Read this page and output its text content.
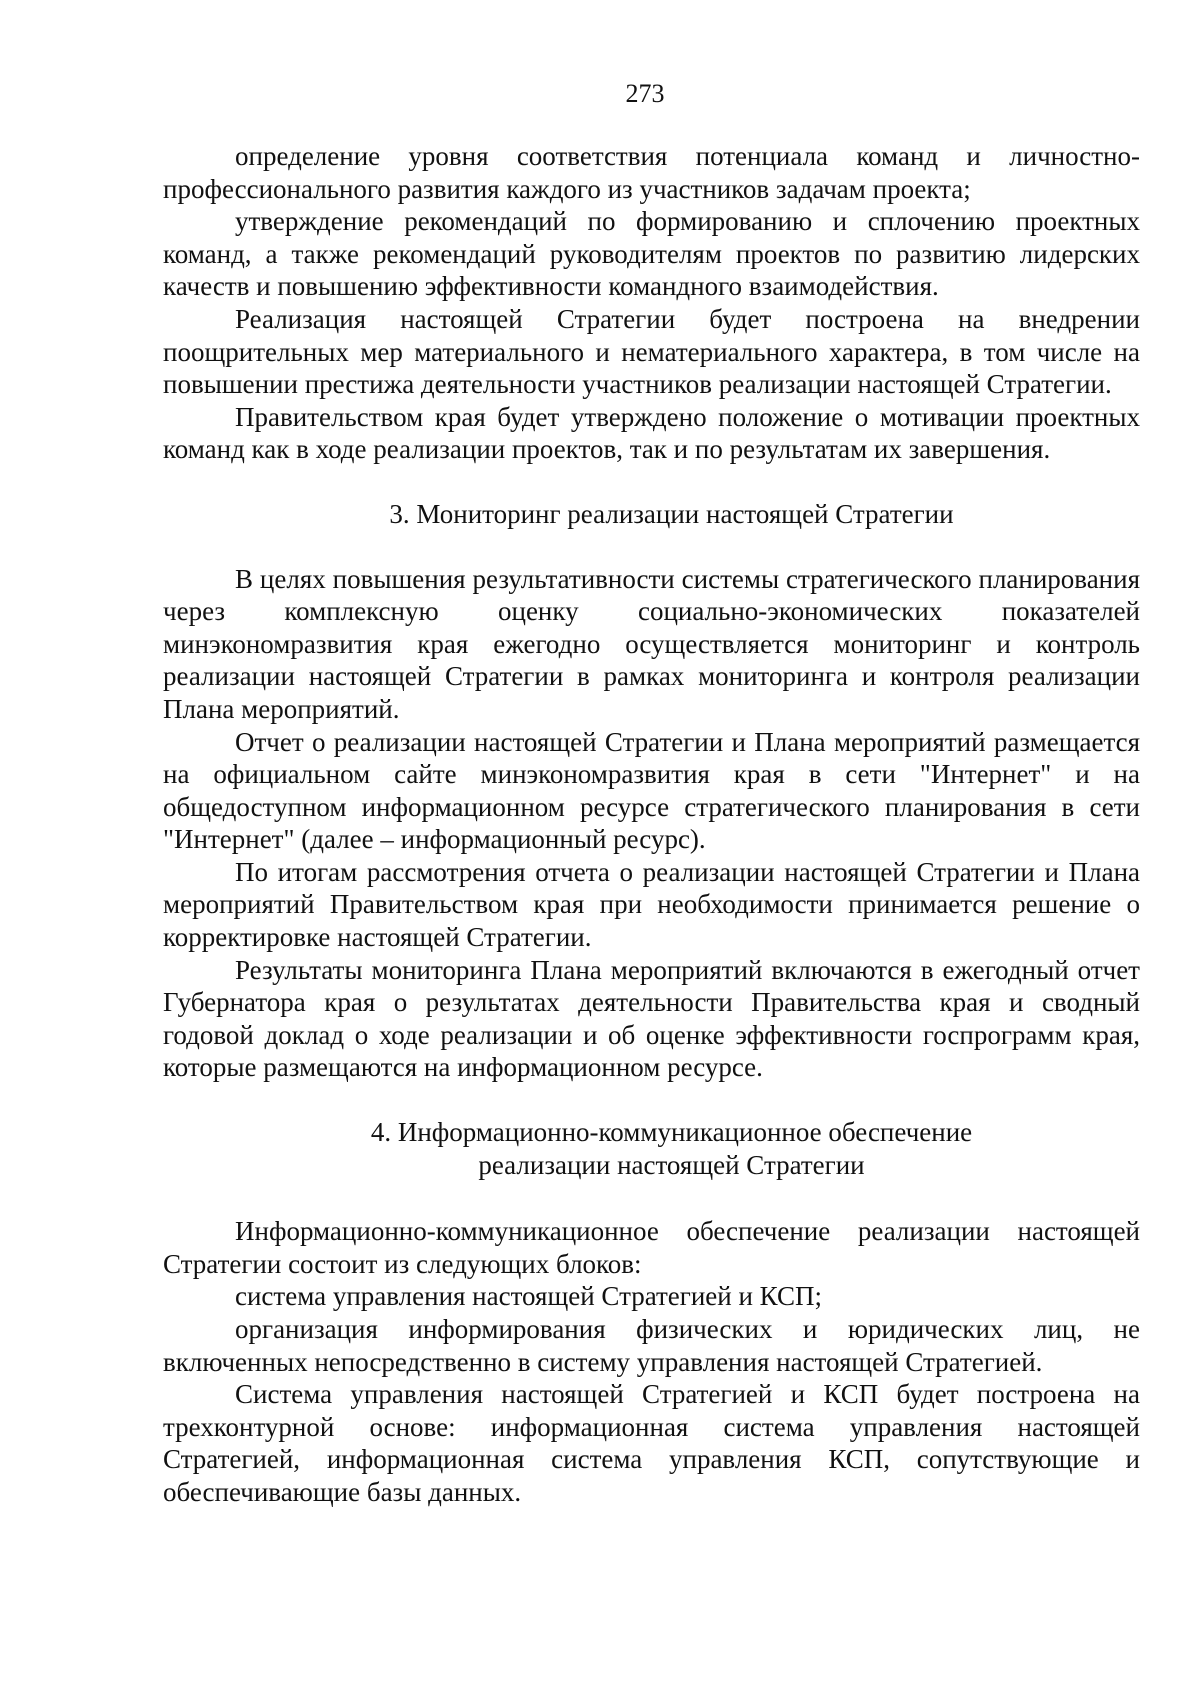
273

определение уровня соответствия потенциала команд и личностно-профессионального развития каждого из участников задачам проекта;

утверждение рекомендаций по формированию и сплочению проектных команд, а также рекомендаций руководителям проектов по развитию лидерских качеств и повышению эффективности командного взаимодействия.

Реализация настоящей Стратегии будет построена на внедрении поощрительных мер материального и нематериального характера, в том числе на повышении престижа деятельности участников реализации настоящей Стратегии.

Правительством края будет утверждено положение о мотивации проектных команд как в ходе реализации проектов, так и по результатам их завершения.

3. Мониторинг реализации настоящей Стратегии

В целях повышения результативности системы стратегического планирования через комплексную оценку социально-экономических показателей минэкономразвития края ежегодно осуществляется мониторинг и контроль реализации настоящей Стратегии в рамках мониторинга и контроля реализации Плана мероприятий.

Отчет о реализации настоящей Стратегии и Плана мероприятий размещается на официальном сайте минэкономразвития края в сети "Интернет" и на общедоступном информационном ресурсе стратегического планирования в сети "Интернет" (далее – информационный ресурс).

По итогам рассмотрения отчета о реализации настоящей Стратегии и Плана мероприятий Правительством края при необходимости принимается решение о корректировке настоящей Стратегии.

Результаты мониторинга Плана мероприятий включаются в ежегодный отчет Губернатора края о результатах деятельности Правительства края и сводный годовой доклад о ходе реализации и об оценке эффективности госпрограмм края, которые размещаются на информационном ресурсе.

4. Информационно-коммуникационное обеспечение
реализации настоящей Стратегии

Информационно-коммуникационное обеспечение реализации настоящей Стратегии состоит из следующих блоков:

система управления настоящей Стратегией и КСП;

организация информирования физических и юридических лиц, не включенных непосредственно в систему управления настоящей Стратегией.

Система управления настоящей Стратегией и КСП будет построена на трехконтурной основе: информационная система управления настоящей Стратегией, информационная система управления КСП, сопутствующие и обеспечивающие базы данных.
